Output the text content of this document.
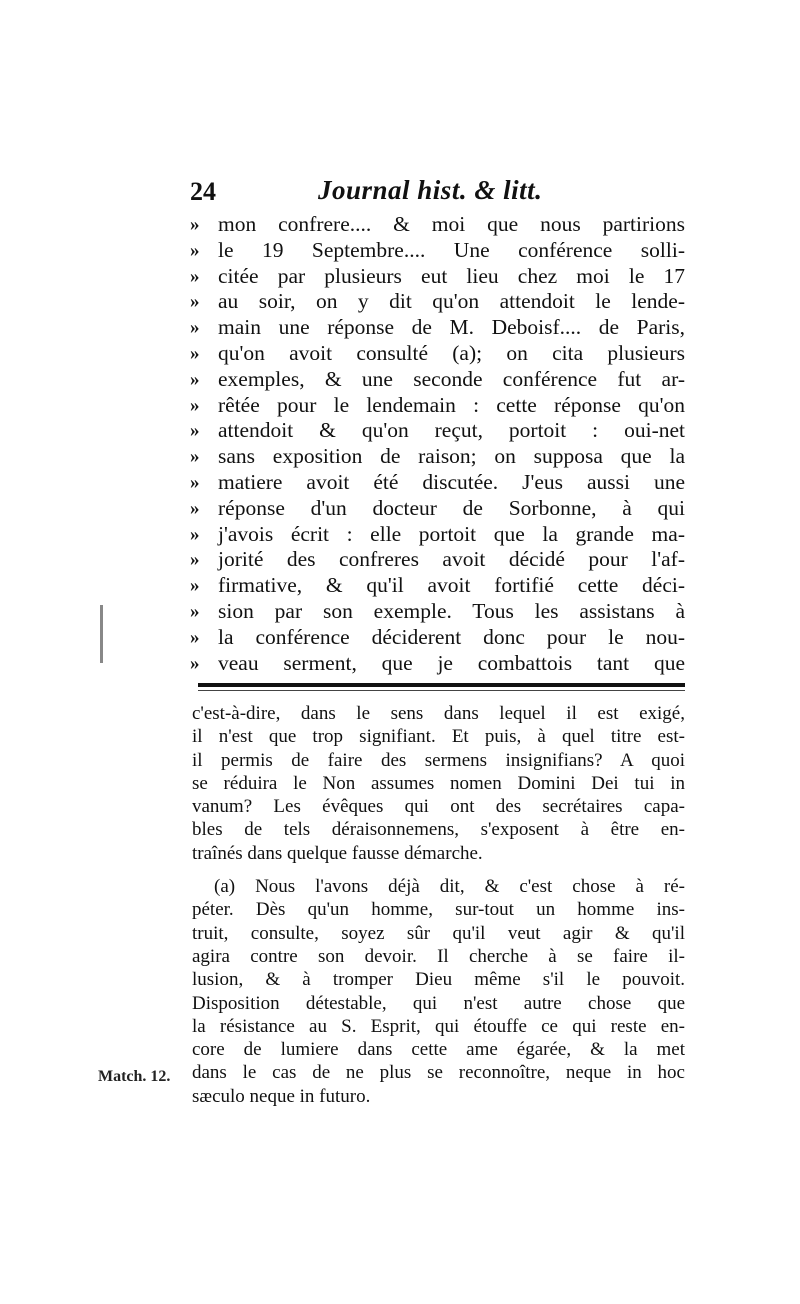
24	Journal hist. & litt.
» mon confrere.... & moi que nous partirions
» le 19 Septembre.... Une conférence solli-
» citée par plusieurs eut lieu chez moi le 17
» au soir, on y dit qu'on attendoit le lende-
» main une réponse de M. Deboisf.... de Paris,
» qu'on avoit consulté (a); on cita plusieurs
» exemples, & une seconde conférence fut ar-
» rêtée pour le lendemain : cette réponse qu'on
» attendoit & qu'on reçut, portoit : oui-net
» sans exposition de raison; on supposa que la
» matiere avoit été discutée. J'eus aussi une
» réponse d'un docteur de Sorbonne, à qui
» j'avois écrit : elle portoit que la grande ma-
» jorité des confreres avoit décidé pour l'af-
» firmative, & qu'il avoit fortifié cette déci-
» sion par son exemple. Tous les assistans à
» la conférence déciderent donc pour le nou-
» veau serment, que je combattois tant que
c'est-à-dire, dans le sens dans lequel il est exigé,
il n'est que trop signifiant. Et puis, à quel titre est-
il permis de faire des sermens insignifians? A quoi
se réduira le Non assumes nomen Domini Dei tui in
vanum? Les évêques qui ont des secrétaires capa-
bles de tels déraisonnemens, s'exposent à être en-
traînés dans quelque fausse démarche.
(a) Nous l'avons déjà dit, & c'est chose à ré-
péter. Dès qu'un homme, sur-tout un homme ins-
truit, consulte, soyez sûr qu'il veut agir & qu'il
agira contre son devoir. Il cherche à se faire il-
lusion, & à tromper Dieu même s'il le pouvoit.
Disposition détestable, qui n'est autre chose que
la résistance au S. Esprit, qui étouffe ce qui reste en-
core de lumiere dans cette ame égarée, & la met
dans le cas de ne plus se reconnoître, neque in hoc
sæculo neque in futuro.
Match. 12.
